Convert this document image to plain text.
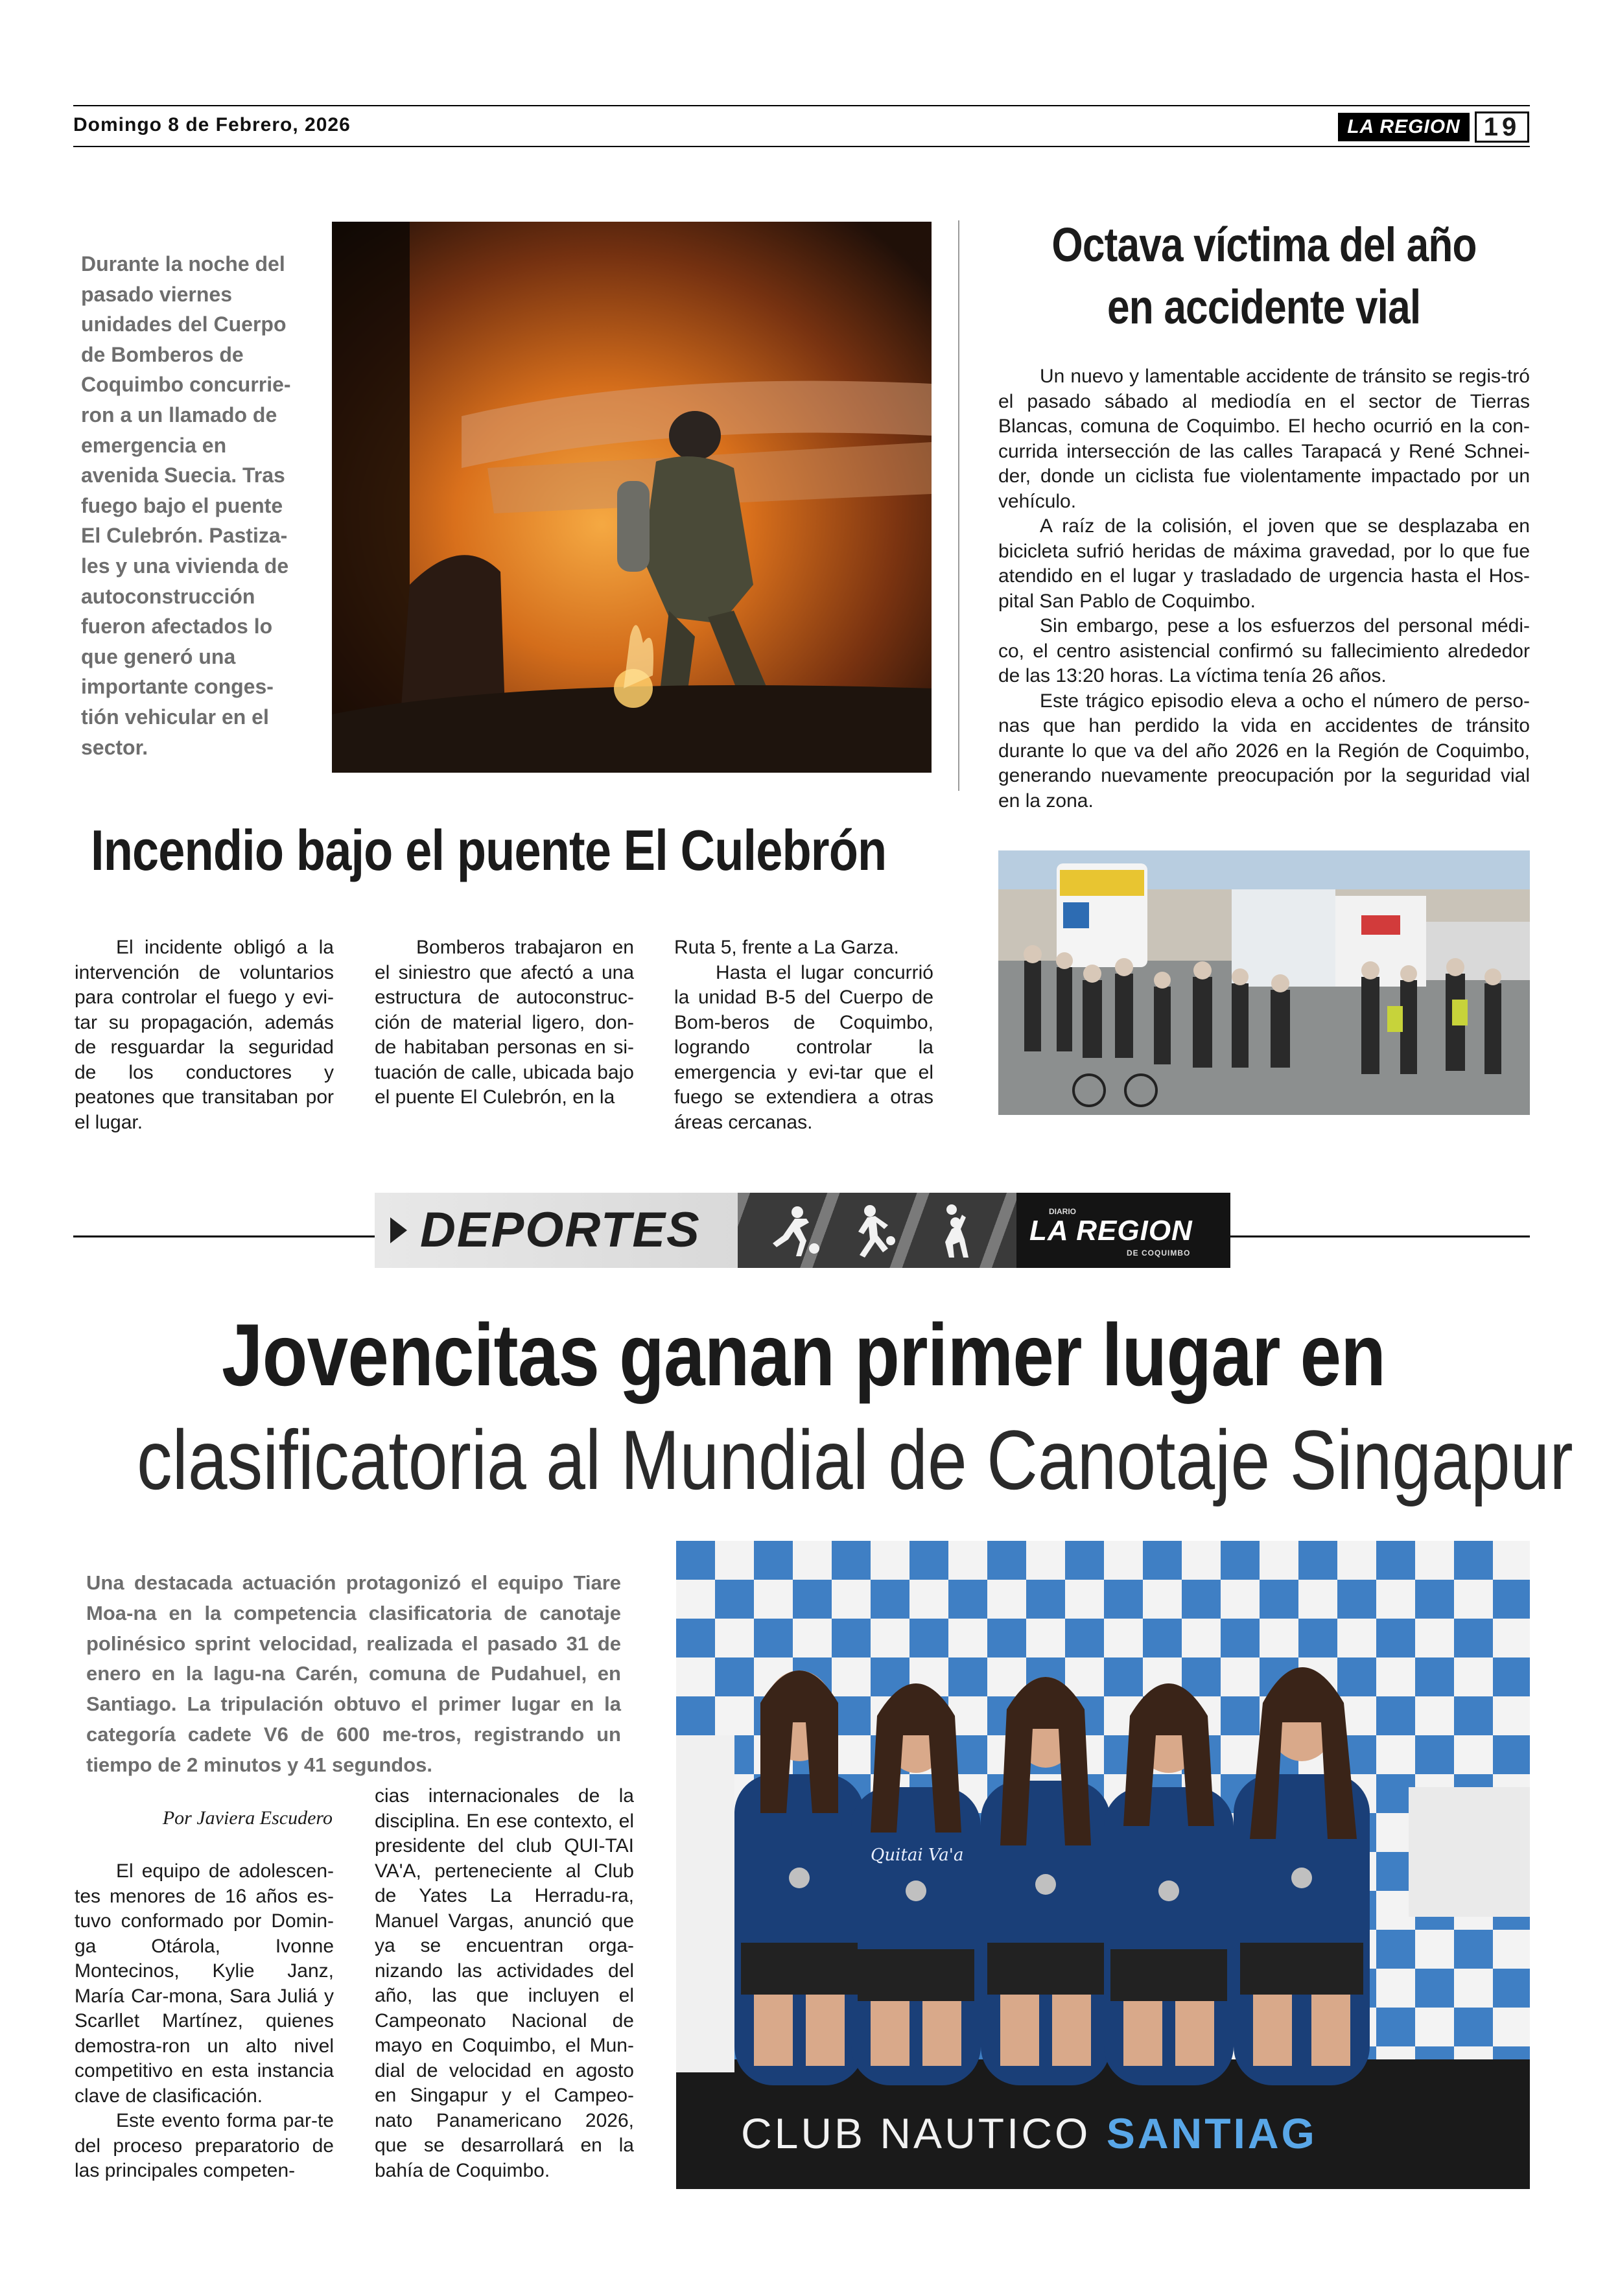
Domingo 8 de Febrero, 2026	LA REGION 19
Durante la noche del pasado viernes unidades del Cuerpo de Bomberos de Coquimbo concurrie-ron a un llamado de emergencia en avenida Suecia. Tras fuego bajo el puente El Culebrón. Pastiza-les y una vivienda de autoconstrucción fueron afectados lo que generó una importante conges-tión vehicular en el sector.
Incendio bajo el puente El Culebrón

El incidente obligó a la intervención de voluntarios para controlar el fuego y evi-tar su propagación, además de resguardar la seguridad de los conductores y peatones que transitaban por el lugar.

Bomberos trabajaron en el siniestro que afectó a una estructura de autoconstruc-ción de material ligero, don-de habitaban personas en si-tuación de calle, ubicada bajo el puente El Culebrón, en la

Ruta 5, frente a La Garza.

Hasta el lugar concurrió la unidad B-5 del Cuerpo de Bom-beros de Coquimbo, logrando controlar la emergencia y evi-tar que el fuego se extendiera a otras áreas cercanas.

Octava víctima del año
en accidente vial

Un nuevo y lamentable accidente de tránsito se regis-tró el pasado sábado al mediodía en el sector de Tierras Blancas, comuna de Coquimbo. El hecho ocurrió en la con-currida intersección de las calles Tarapacá y René Schnei-der, donde un ciclista fue violentamente impactado por un vehículo.

A raíz de la colisión, el joven que se desplazaba en bicicleta sufrió heridas de máxima gravedad, por lo que fue atendido en el lugar y trasladado de urgencia hasta el Hos-pital San Pablo de Coquimbo.

Sin embargo, pese a los esfuerzos del personal médi-co, el centro asistencial confirmó su fallecimiento alrededor de las 13:20 horas. La víctima tenía 26 años.

Este trágico episodio eleva a ocho el número de perso-nas que han perdido la vida en accidentes de tránsito durante lo que va del año 2026 en la Región de Coquimbo, generando nuevamente preocupación por la seguridad vial en la zona.

DEPORTES	DIARIO
LA REGION
DE COQUIMBO
Jovencitas ganan primer lugar en
clasificatoria al Mundial de Canotaje Singapur
Una destacada actuación protagonizó el equipo Tiare Moa-na en la competencia clasificatoria de canotaje polinésico sprint velocidad, realizada el pasado 31 de enero en la lagu-na Carén, comuna de Pudahuel, en Santiago. La tripulación obtuvo el primer lugar en la categoría cadete V6 de 600 me-tros, registrando un tiempo de 2 minutos y 41 segundos.
Por Javiera Escudero

El equipo de adolescen-tes menores de 16 años es-tuvo conformado por Domin-ga Otárola, Ivonne Montecinos, Kylie Janz, María Car-mona, Sara Juliá y Scarllet Martínez, quienes demostra-ron un alto nivel competitivo en esta instancia clave de clasificación.

Este evento forma par-te del proceso preparatorio de las principales competen-

cias internacionales de la disciplina. En ese contexto, el presidente del club QUI-TAI VA'A, perteneciente al Club de Yates La Herradu-ra, Manuel Vargas, anunció que ya se encuentran orga-nizando las actividades del año, las que incluyen el Campeonato Nacional de mayo en Coquimbo, el Mun-dial de velocidad en agosto en Singapur y el Campeo-nato Panamericano 2026, que se desarrollará en la bahía de Coquimbo.

Quitai Va'a
CLUB NAUTICO SANTIAG
